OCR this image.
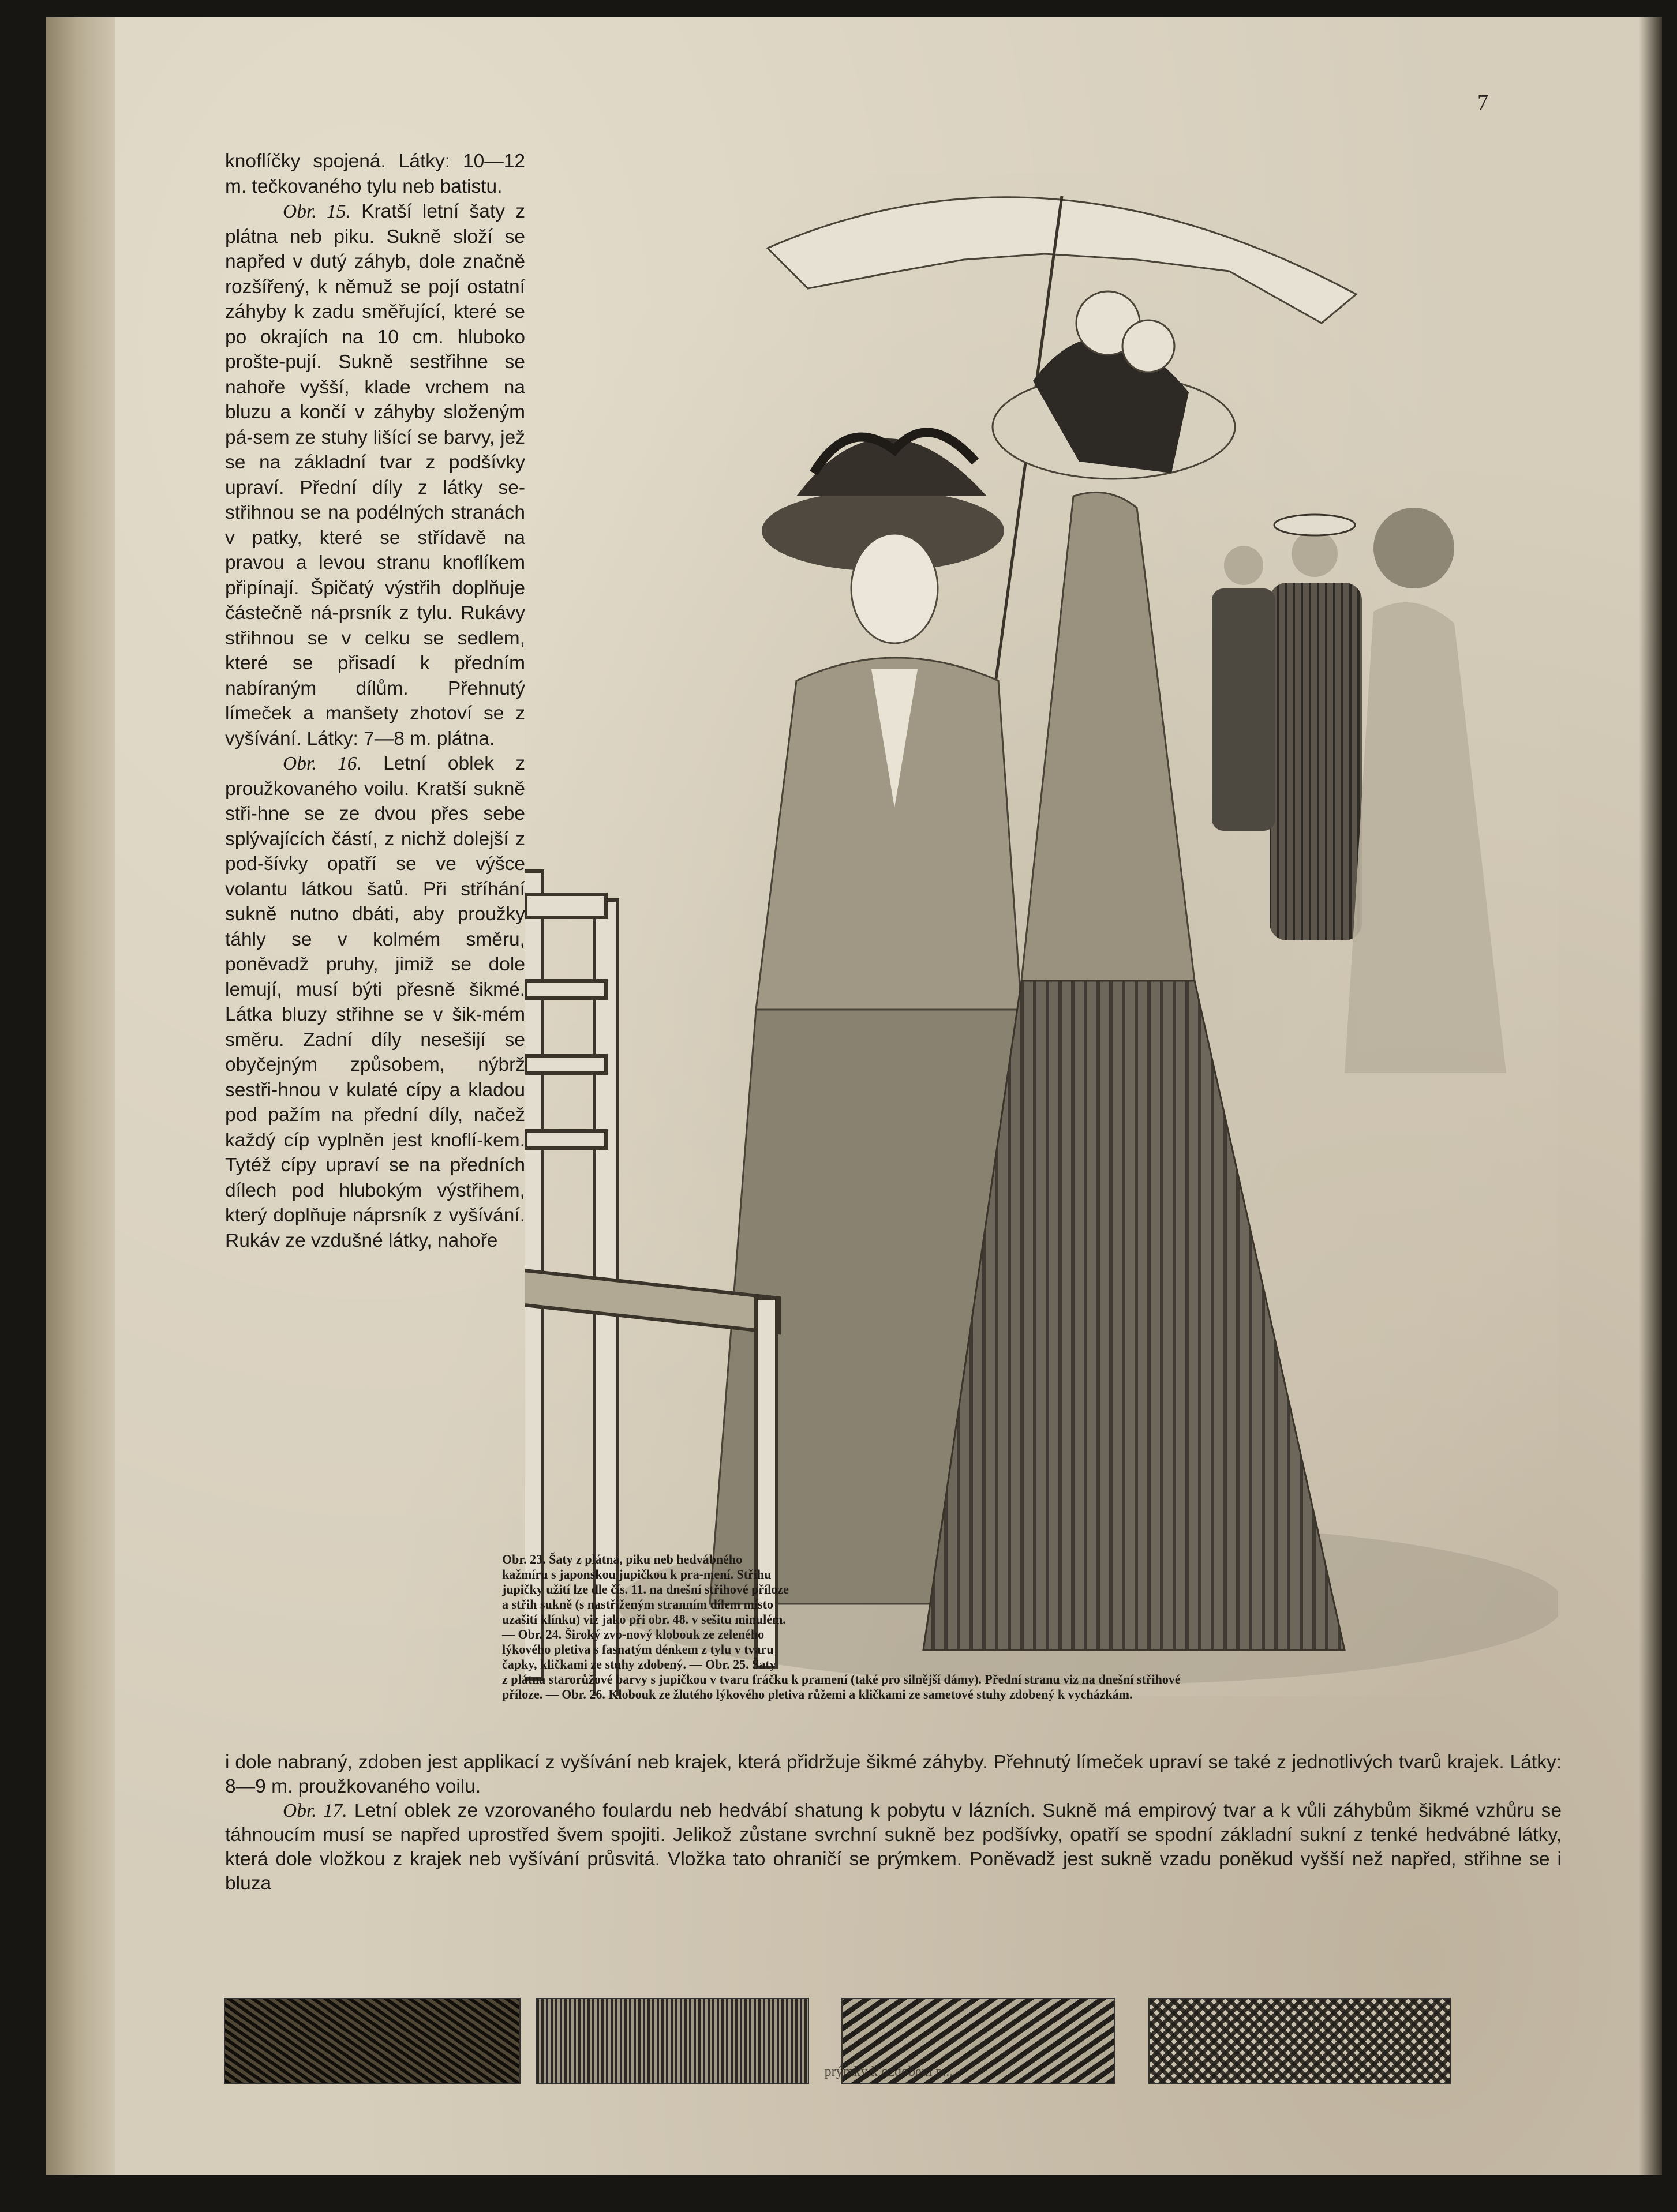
7

knoflíčky spojená. Látky: 10—12 m. tečkovaného tylu neb batistu.

Obr. 15. Kratší letní šaty z plátna neb piku. Sukně složí se napřed v dutý záhyb, dole značně rozšířený, k němuž se pojí ostatní záhyby k zadu směřující, které se po okrajích na 10 cm. hluboko prošte-pují. Sukně sestřihne se nahoře vyšší, klade vrchem na bluzu a končí v záhyby složeným pá-sem ze stuhy lišící se barvy, jež se na základní tvar z podšívky upraví. Přední díly z látky se-střihnou se na podélných stranách v patky, které se střídavě na pravou a levou stranu knoflíkem připínají. Špičatý výstřih doplňuje částečně ná-prsník z tylu. Rukávy střihnou se v celku se sedlem, které se přisadí k předním nabíraným dílům. Přehnutý límeček a manšety zhotoví se z vyšívání. Látky: 7—8 m. plátna.

Obr. 16. Letní oblek z proužkovaného voilu. Kratší sukně stři-hne se ze dvou přes sebe splývajících částí, z nichž dolejší z pod-šívky opatří se ve výšce volantu látkou šatů. Při stříhání sukně nutno dbáti, aby proužky táhly se v kolmém směru, poněvadž pruhy, jimiž se dole lemují, musí býti přesně šikmé. Látka bluzy střihne se v šik-mém směru. Zadní díly nesešijí se obyčejným způsobem, nýbrž sestři-hnou v kulaté cípy a kladou pod pažím na přední díly, načež každý cíp vyplněn jest knoflí-kem. Tytéž cípy upraví se na předních dílech pod hlubokým výstřihem, který doplňuje náprsník z vyšívání. Rukáv ze vzdušné látky, nahoře

Obr. 23. Šaty z plátna, piku neb hedvábného kažmíru s japonskou jupičkou k pra-mení. Střihu jupičky užití lze dle čís. 11. na dnešní střihové příloze a střih sukně (s nastřiženým stranním dílem místo uzašití klínku) viz jako při obr. 48. v sešitu minulém. — Obr. 24. Široký zvo-nový klobouk ze zeleného lýkového pletiva s fasnatým dénkem z tylu v tvaru čapky, kličkami ze stuhy zdobený. — Obr. 25. Šaty
z plátna starorůžové barvy s jupičkou v tvaru fráčku k pramení (také pro silnější dámy). Přední stranu viz na dnešní střihové
příloze. — Obr. 26. Klobouk ze žlutého lýkového pletiva růžemi a kličkami ze sametové stuhy zdobený k vycházkám.

i dole nabraný, zdoben jest applikací z vyšívání neb krajek, která přidržuje šikmé záhyby. Přehnutý límeček upraví se také z jednotlivých tvarů krajek. Látky: 8—9 m. proužkovaného voilu.

Obr. 17. Letní oblek ze vzorovaného foulardu neb hedvábí shatung k pobytu v lázních. Sukně má empirový tvar a k vůli záhybům šikmé vzhůru se táhnoucím musí se napřed uprostřed švem spojiti. Jelikož zůstane svrchní sukně bez podšívky, opatří se spodní základní sukní z tenké hedvábné látky, která dole vložkou z krajek neb vyšívání průsvitá. Vložka tato ohraničí se prýmkem. Poněvadž jest sukně vzadu poněkud vyšší než napřed, střihne se i bluza

prýmky k ozdobení p...
